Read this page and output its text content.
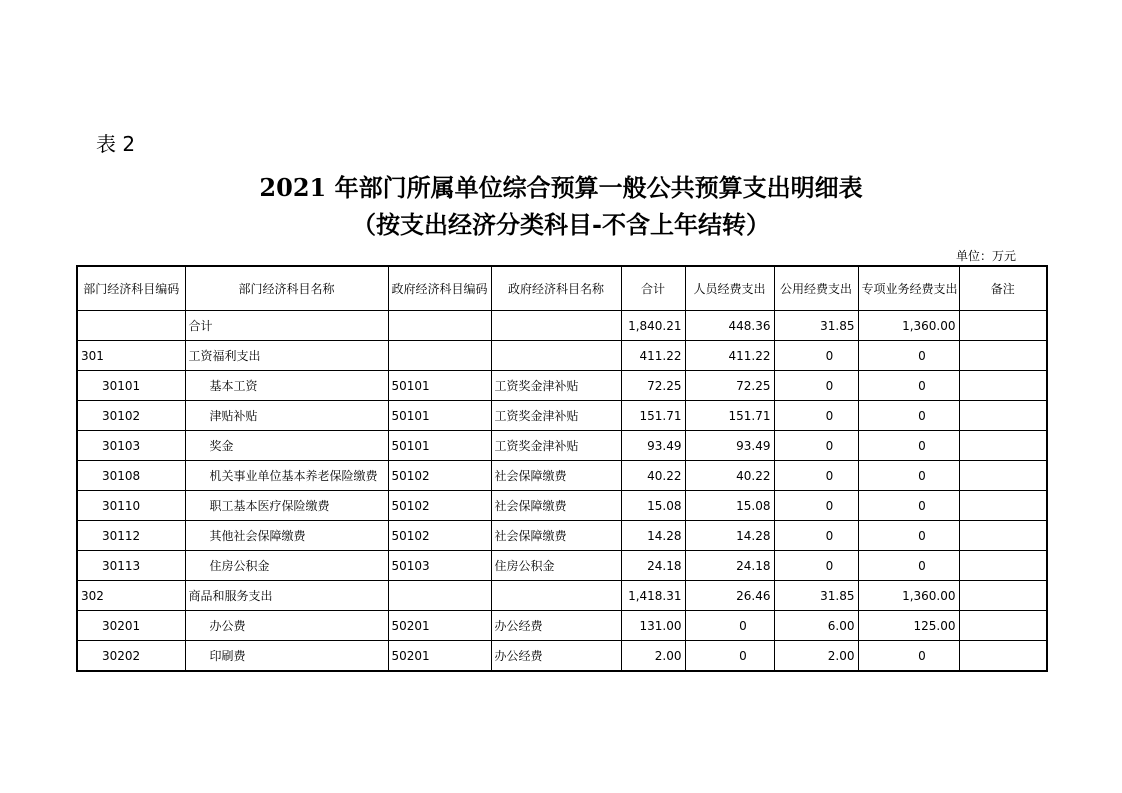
表 2
2021 年部门所属单位综合预算一般公共预算支出明细表
（按支出经济分类科目-不含上年结转）
单位：万元
部门经济科目编码	部门经济科目名称	政府经济科目编码	政府经济科目名称	合计	人员经费支出	公用经费支出	专项业务经费支出	备注
	合计			1,840.21	448.36	31.85	1,360.00	
301	工资福利支出			411.22	411.22	0	0	
30101	基本工资	50101	工资奖金津补贴	72.25	72.25	0	0	
30102	津贴补贴	50101	工资奖金津补贴	151.71	151.71	0	0	
30103	奖金	50101	工资奖金津补贴	93.49	93.49	0	0	
30108	机关事业单位基本养老保险缴费	50102	社会保障缴费	40.22	40.22	0	0	
30110	职工基本医疗保险缴费	50102	社会保障缴费	15.08	15.08	0	0	
30112	其他社会保障缴费	50102	社会保障缴费	14.28	14.28	0	0	
30113	住房公积金	50103	住房公积金	24.18	24.18	0	0	
302	商品和服务支出			1,418.31	26.46	31.85	1,360.00	
30201	办公费	50201	办公经费	131.00	0	6.00	125.00	
30202	印刷费	50201	办公经费	2.00	0	2.00	0	
